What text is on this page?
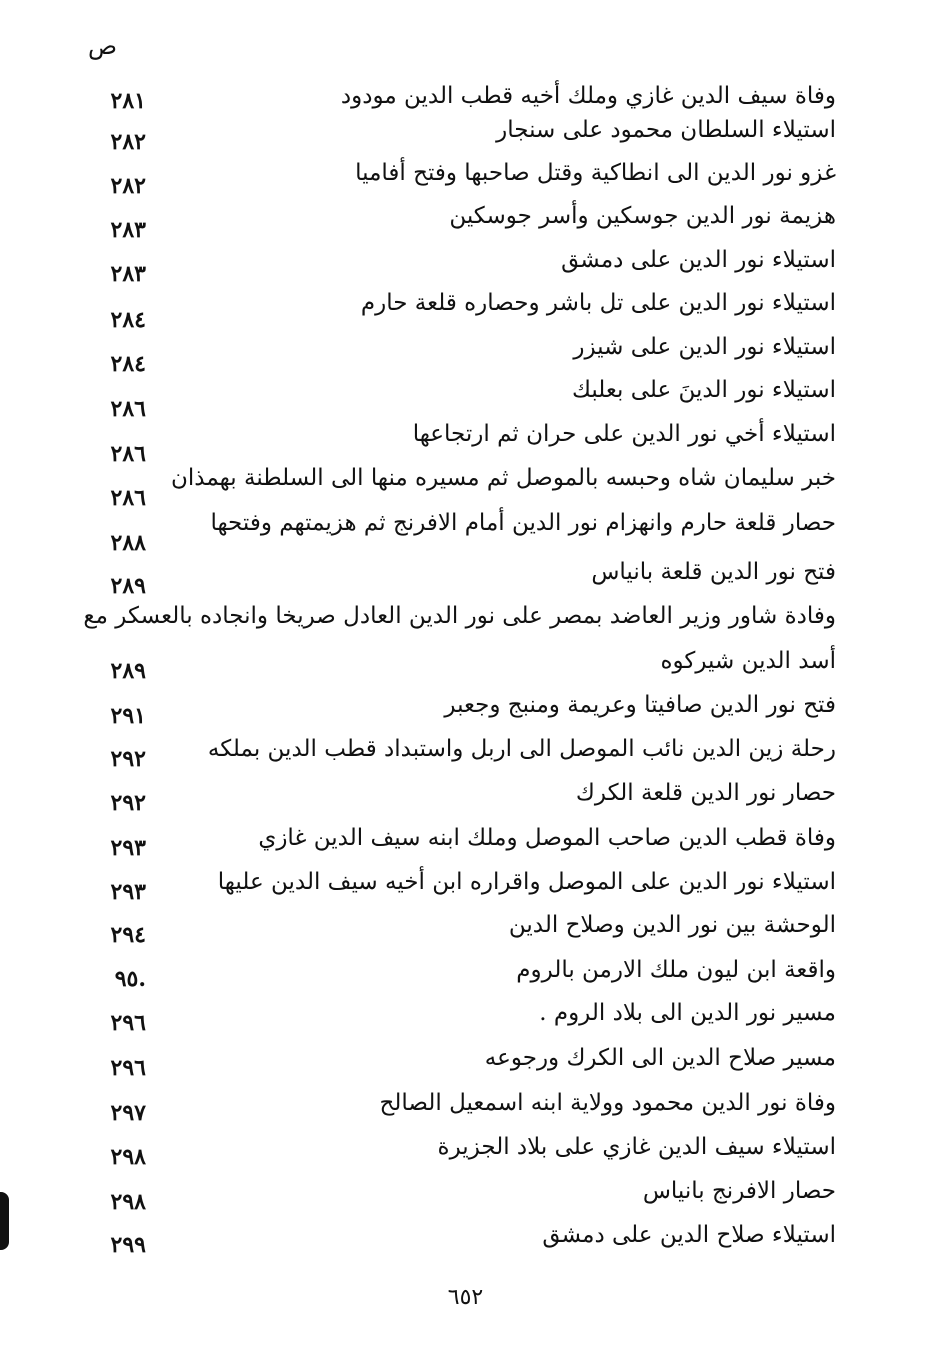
ص
وفاة سيف الدين غازي وملك أخيه قطب الدين مودود
٢٨١
استيلاء السلطان محمود على سنجار
٢٨٢
غزو نور الدين الى انطاكية وقتل صاحبها وفتح أفاميا
٢٨٢
هزيمة نور الدين جوسكين وأسر جوسكين
٢٨٣
استيلاء نور الدين على دمشق
٢٨٣
استيلاء نور الدين على تل باشر وحصاره قلعة حارم
٢٨٤
استيلاء نور الدين على شيزر
٢٨٤
استيلاء نور الدينَ على بعلبك
٢٨٦
استيلاء أخي نور الدين على حران ثم ارتجاعها
٢٨٦
خبر سليمان شاه وحبسه بالموصل ثم مسيره منها الى السلطنة بهمذان
٢٨٦
حصار قلعة حارم وانهزام نور الدين أمام الافرنج ثم هزيمتهم وفتحها
٢٨٨
فتح نور الدين قلعة بانياس
٢٨٩
وفادة شاور وزير العاضد بمصر على نور الدين العادل صريخا وانجاده بالعسكر مع
أسد الدين شيركوه
٢٨٩
فتح نور الدين صافيتا وعريمة ومنبج وجعبر
٢٩١
رحلة زين الدين نائب الموصل الى اربل واستبداد قطب الدين بملكه
٢٩٢
حصار نور الدين قلعة الكرك
٢٩٢
وفاة قطب الدين صاحب الموصل وملك ابنه سيف الدين غازي
٢٩٣
استيلاء نور الدين على الموصل واقراره ابن أخيه سيف الدين عليها
٢٩٣
الوحشة بين نور الدين وصلاح الدين
٢٩٤
واقعة ابن ليون ملك الارمن بالروم
.٩٥
مسير نور الدين الى بلاد الروم .
٢٩٦
مسير صلاح الدين الى الكرك ورجوعه
٢٩٦
وفاة نور الدين محمود وولاية ابنه اسمعيل الصالح
٢٩٧
استيلاء سيف الدين غازي على بلاد الجزيرة
٢٩٨
حصار الافرنج بانياس
٢٩٨
استيلاء صلاح الدين على دمشق
٢٩٩
٦٥٢
